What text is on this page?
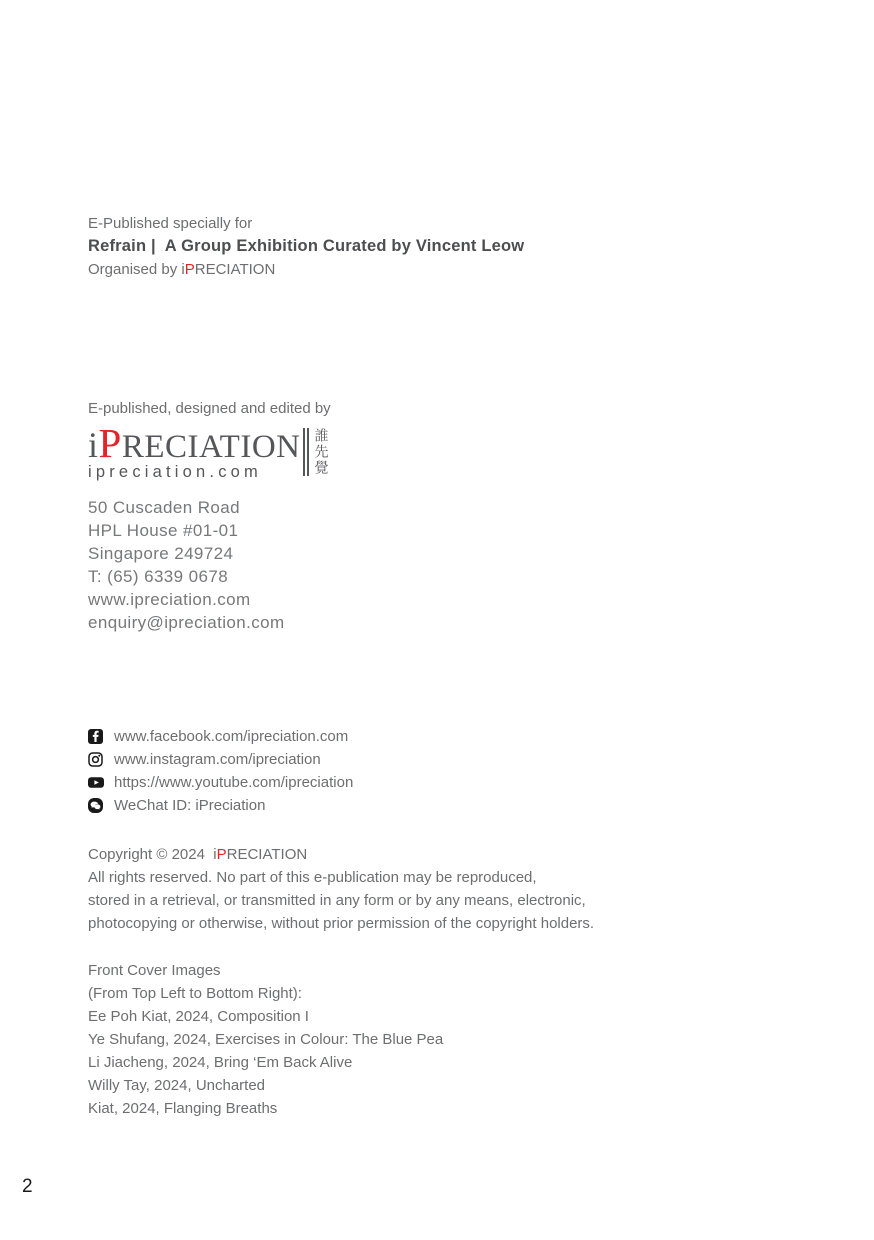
E-Published specially for
Refrain |  A Group Exhibition Curated by Vincent Leow
Organised by iPRECIATION
E-published, designed and edited by
iPRECIATION
ipreciation.com	誰先覺
50 Cuscaden Road
HPL House #01-01
Singapore 249724
T: (65) 6339 0678
www.ipreciation.com
enquiry@ipreciation.com
www.facebook.com/ipreciation.com
www.instagram.com/ipreciation
https://www.youtube.com/ipreciation
WeChat ID: iPreciation
Copyright © 2024  iPRECIATION
All rights reserved. No part of this e-publication may be reproduced,
stored in a retrieval, or transmitted in any form or by any means, electronic,
photocopying or otherwise, without prior permission of the copyright holders.
Front Cover Images
(From Top Left to Bottom Right):
Ee Poh Kiat, 2024, Composition I
Ye Shufang, 2024, Exercises in Colour: The Blue Pea
Li Jiacheng, 2024, Bring ‘Em Back Alive
Willy Tay, 2024, Uncharted
Kiat, 2024, Flanging Breaths
2
